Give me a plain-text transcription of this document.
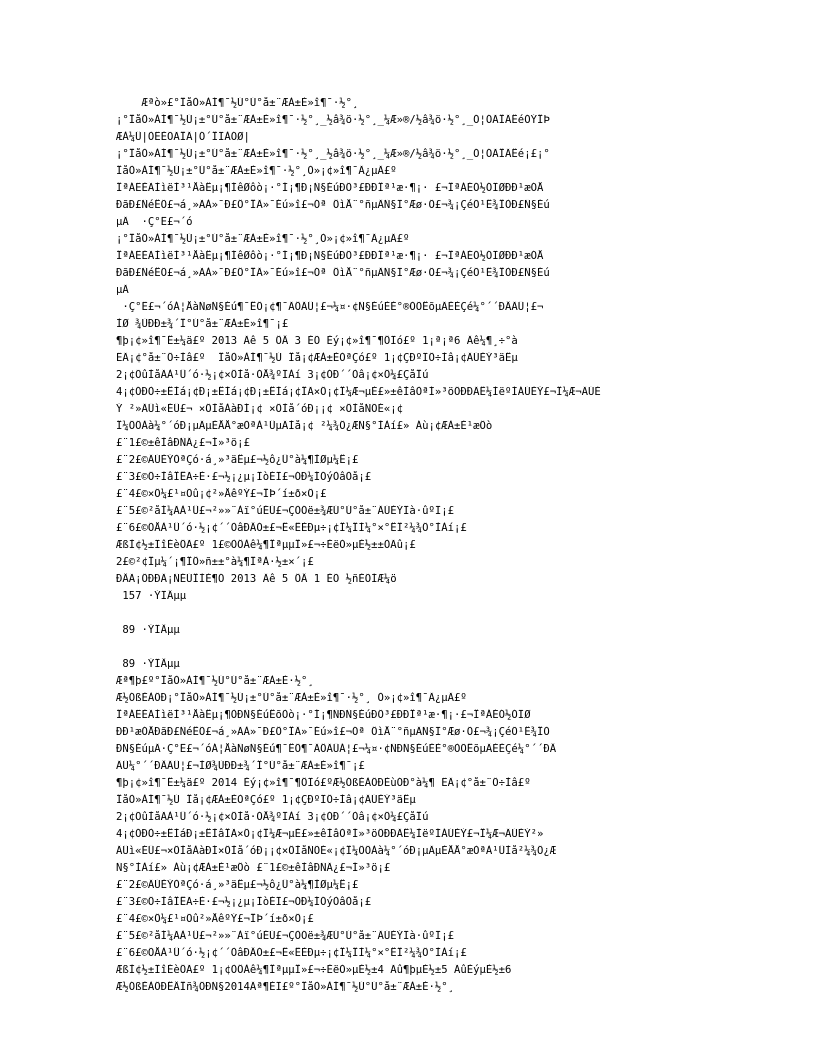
Æªò»£°ÎåÒ»ÀÍ¶¯½Ú°Ú°å±¨ÆÀ±È»î¶¯·½°¸
¡°ÎåÒ»ÀÍ¶¯½Ú¡±°Ú°å±¨ÆÀ±È»î¶¯·½°¸_½â¾ö·½°¸_¼Æ»®/½â¾ö·½°¸_Ó¦ÓÃÎÄÊéÓÝÎÞ
ÆÀ¼Û|ÒËÈÕÃÎÄ|Ó´ÎÏÀÓØ|
¡°ÎåÒ»ÀÍ¶¯½Ú¡±°Ú°å±¨ÆÀ±È»î¶¯·½°¸_½â¾ö·½°¸_¼Æ»®/½â¾ö·½°¸_Ó¦ÓÃÎÄÊé¡£¡°
ÎåÒ»ÀÍ¶¯½Ú¡±°Ú°å±¨ÆÀ±È»î¶¯·½°¸Ò»¡¢»î¶¯Ä¿µÄ£º
ÎªÁËÈÃÌìëÌ³¹ÅàÊµ¡¶ÍêØôò¡·°Í¡¶Ð¡Ñ§ÉúÐÕ³£ÐÐÎª¹æ·¶¡· £¬ÎªÁÉÓ½ÓÏØÐÐ¹æÓÅ
ÐãÐ£ÑéÊÕ£¬á¸»ÃÀ»¯Ð£Ô°ÎÄ»¯Éú»î£¬Óª ÔìÅ¨°ñµÄÑ§Ï°Æø·Õ£¬¾¡ÇéÕ¹Ê¾ÎÒÐ£Ñ§Éú
µÄ  ·Ç°Ë£¬´ó
¡°ÎåÒ»ÀÍ¶¯½Ú¡±°Ú°å±¨ÆÀ±È»î¶¯·½°¸Ò»¡¢»î¶¯Ä¿µÄ£º
ÎªÁËÈÃÌìëÌ³¹ÅàÊµ¡¶ÍêØôò¡·°Í¡¶Ð¡Ñ§ÉúÐÕ³£ÐÐÎª¹æ·¶¡· £¬ÎªÁÉÓ½ÓÏØÐÐ¹æÓÅ
ÐãÐ£ÑéÊÕ£¬á¸»ÃÀ»¯Ð£Ô°ÎÄ»¯Éú»î£¬Óª ÔìÅ¨°ñµÄÑ§Ï°Æø·Õ£¬¾¡ÇéÕ¹Ê¾ÎÒÐ£Ñ§Éú
µÄ
·Ç°Ë£¬´óÁ¦ÅàÑøÑ§Éú¶¯ÊÖ¡¢¶¯ÄÔÄÜ¦£¬¼¤·¢Ñ§ÉúÈÈ°®ÒÕÊõµÄÈÈÇé¼°´´ÐÂÄÜ¦£¬
ÌØ ¾ÙÐÐ±¾´Î°Ú°å±¨ÆÀ±È»î¶¯¡£
¶þ¡¢»î¶¯Ê±¼ä£º 2013 Äê 5 ÔÂ 3 ÈÕ Èý¡¢»î¶¯¶ÔÏó£º 1¡ª¡ª6 Äê¼¶¸÷°à
ËÄ¡¢°å±¨Ö÷Ìâ£º  ÎåÒ»ÀÍ¶¯½Ú Îå¡¢ÆÀ±ÈÒªÇó£º 1¡¢ÇÐºÏÖ÷Ìâ¡¢ÄÚÈÝ³äÊµ
2¡¢ÕûÌåÃÀ¹Û´ó·½¡¢×ÖÌå·ÓÅ¾ºÏÀí 3¡¢ÓÐ´´Òâ¡¢×Ö¼£ÇåÎú
4¡¢ÓÐÒ÷±ÊÌá¡¢Ð¡±ÊÌá¡¢Ð¡±ÊÌá¡¢ÎÃ×Ö¡¢Î¼Æ¬µÈ£»±êÌâÒªÍ»³öÖÐÐÄÊ¼ÌëºÍÁÚÈÝ£¬Î¼Æ¬ÄÚÈ
Ý ²»ÄÜì«ÉÜ£¬ ×ÖÌåÀàÐÍ¡¢ ×ÖÌå´óÐ¡¡¢ ×ÖÌåÑÕÉ«¡¢
Î¼ÖÖÀà¼°´óÐ¡µÄµÈÅÅ°æÒªÀ¹ÛµÄÌå¡¢ ²¼¾Ö¿ÆÑ§°ÌÀí£» Áù¡¢ÆÀ±È¹æÔò
£¨1£©±êÌâÐÑÄ¿£¬Í»³ö¡£
£¨2£©ÄÚÈÝÒªÇó·á¸»³äÊµ£¬½ô¿Û°à¼¶ÌØµ¼Ê¡£
£¨3£©Ö÷ÌâÎÊÃ÷È·£¬½¡¿µ¡ÏòÉÏ£¬ÓÐ¼ÍÓýÒâÒå¡£
£¨4£©×Ö¼£¹¤Õû¡¢²»ÅêºÝ£¬ÎÞ´í±ð×Ö¡£
£¨5£©²åÍ¼ÃÀ¹Û£¬²»»¨Àï°úÉÚ£¬ÇÒÓë±¾ÆÚ°Ú°å±¨ÄÚÈÝÏà·ûºÏ¡£
£¨6£©ÕÅÀ¹Û´ó·½¡¢´´ÒâÐÂÓ±£¬Ê«ÊÈÐµ÷¡¢Î¼ÎÌ¼°×°ÊÎ²¼¾Ö°ÌÀí¡£
ÆßÌ¢½±ÏîÉèÖÃ£º 1£©ÒÔÀê¼¶ÎªµµÎ»£¬÷ÈëÒ»µÈ½±±ÒÃû¡£
2£©²¢Îµ¼´¡¶ÎÔ»ñ±±°à¼¶ÎªÀ·½±×´¡£
ÐÂÃ¡ÖÐÐÄ¡ÑÉÚÎÌÈ¶Ó 2013 Äê 5 ÔÂ 1 ÈÕ ½ñÈÕÍÆ¼ö
157 ·ÝÏÂµµ
89 ·ÝÏÂµµ
89 ·ÝÏÂµµ
Æª¶þ£º°ÎåÒ»ÀÍ¶¯½Ú°Ú°å±¨ÆÀ±È·½°¸
Æ½ÓßÈÀÖÐ¡°ÎåÒ»ÀÍ¶¯½Ú¡±°Ú°å±¨ÆÀ±È»î¶¯·½°¸ Ò»¡¢»î¶¯Ä¿µÄ£º
ÎªÁËÈÃÌìëÌ³¹ÅàÊµ¡¶ÒÐÑ§ÉúÊõÒò¡·°Í¡¶ÑÐÑ§ÉúÐÕ³£ÐÐÎª¹æ·¶¡·£¬ÎªÁÉÓ½ÓÏØ
ÐÐ¹æÓÅÐãÐ£ÑéÊÕ£¬á¸»ÃÀ»¯Ð£Ô°ÎÄ»¯Éú»î£¬Óª ÔìÅ¨°ñµÄÑ§Ï°Æø·Õ£¬¾¡ÇéÕ¹Ê¾ÎÒ
ÐÑ§ÉúµÄ·Ç°Ë£¬´óÁ¦ÅàÑøÑ§Éú¶¯ÊÖ¶¯ÄÔÄÜÁ¦£¬¼¤·¢ÑÐÑ§ÉúÈÈ°®ÒÕÊõµÄÈÈÇé¼°´´ÐÂ
ÄÜ¼°´´ÐÂÄÜ¦£¬ÌØ¾ÙÐÐ±¾´Î°Ú°å±¨ÆÀ±È»î¶¯¡£
¶þ¡¢»î¶¯Ê±¼ä£º 2014 Èý¡¢»î¶¯¶ÔÏó£ºÆ½ÓßÈÀÖÐÈùÓÐ°à¼¶ ËÄ¡¢°å±¨Ö÷Ìâ£º
ÎåÒ»ÀÍ¶¯½Ú Îå¡¢ÆÀ±ÈÒªÇó£º 1¡¢ÇÐºÏÖ÷Ìâ¡¢ÄÚÈÝ³äÊµ
2¡¢ÕûÌåÃÀ¹Û´ó·½¡¢×ÖÌå·ÓÅ¾ºÏÀí 3¡¢ÓÐ´´Òâ¡¢×Ö¼£ÇåÎú
4¡¢ÓÐÒ÷±ÊÌáÐ¡±ÊÌâÎÃ×Ö¡¢Î¼Æ¬µÈ£»±êÌâÒªÍ»³öÖÐÐÄÊ¼ÌëºÍÁÚÈÝ£¬Î¼Æ¬ÄÚÈÝ²»
ÄÜì«ÉÜ£¬×ÖÌåÀàÐÍ×ÖÌå´óÐ¡¡¢×ÖÌåÑÕÉ«¡¢Î¼ÖÖÀà¼°´óÐ¡µÄµÈÅÅ°æÒªÀ¹ÛÌå²¼¾Ö¿Æ
Ñ§°ÌÀí£» Áù¡¢ÆÀ±È¹æÔò £¨1£©±êÌâÐÑÄ¿£¬Í»³ö¡£
£¨2£©ÄÚÈÝÒªÇó·á¸»³äÊµ£¬½ô¿Û°à¼¶ÌØµ¼Ê¡£
£¨3£©Ö÷ÌâÎÊÃ÷È·£¬½¡¿µ¡ÏòÉÏ£¬ÓÐ¼ÍÓýÒâÒå¡£
£¨4£©×Ö¼£¹¤Õû²»ÅêºÝ£¬ÎÞ´í±ð×Ö¡£
£¨5£©²åÍ¼ÃÀ¹Û£¬²»»¨Àï°úÉÚ£¬ÇÒÓë±¾ÆÚ°Ú°å±¨ÄÚÈÝÏà·ûºÏ¡£
£¨6£©ÕÅÀ¹Û´ó·½¡¢´´ÒâÐÂÓ±£¬Ê«ÊÈÐµ÷¡¢Î¼ÎÌ¼°×°ÊÎ²¼¾Ö°ÌÀí¡£
ÆßÌ¢½±ÏîÉèÖÃ£º 1¡¢ÒÔÀê¼¶ÎªµµÎ»£¬÷ÈëÒ»µÈ½±4 Ãû¶þµÈ½±5 ÃûÈýµÈ½±6
Æ½ÓßÈÀÖÐÊÂÎñ¾ÖÐÑ§2014Äª¶ÈÏ£º°ÎåÒ»ÀÍ¶¯½Ú°Ú°å±¨ÆÀ±È·½°¸
